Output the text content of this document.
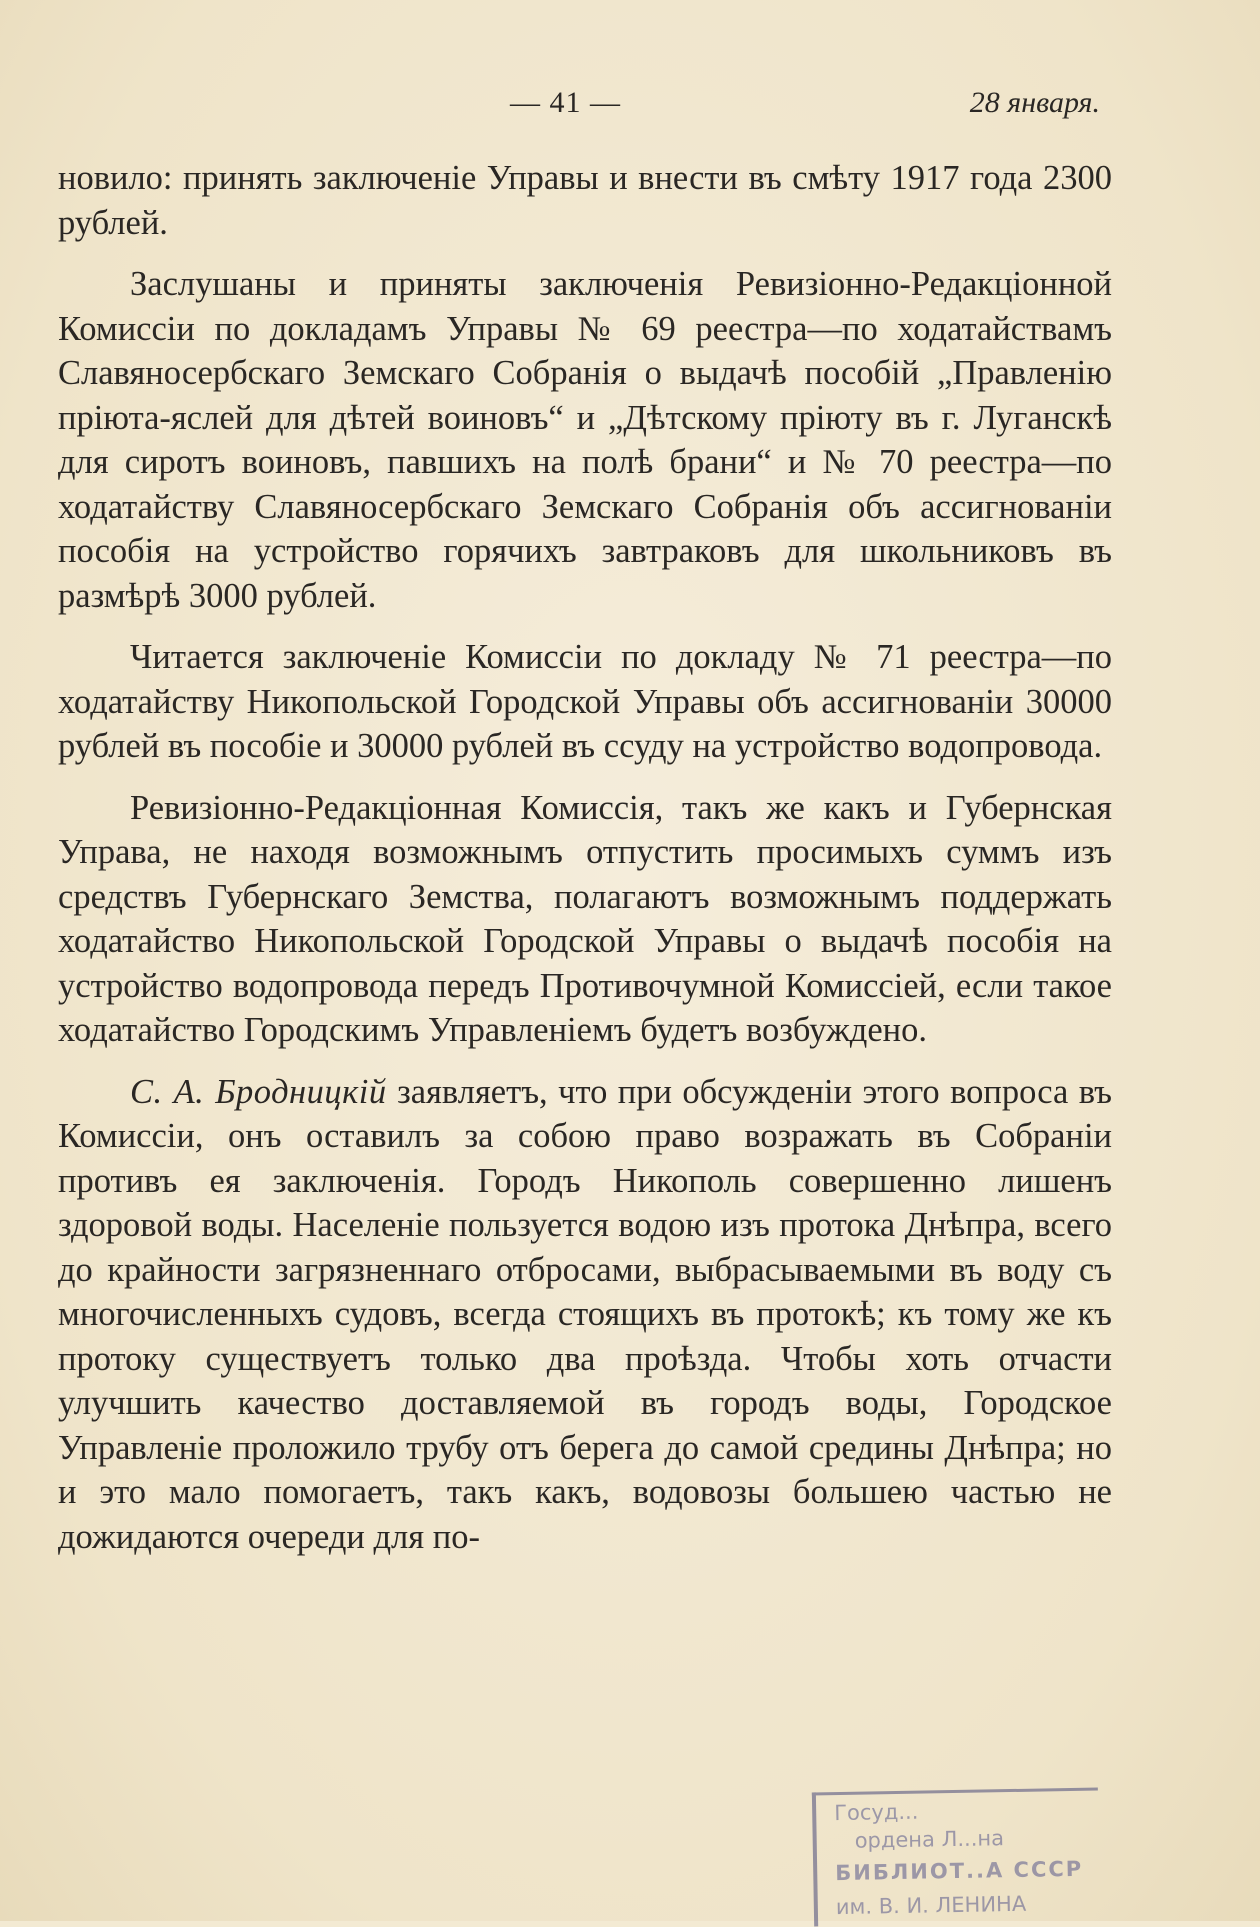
— 41 —	28 января.

новило: принять заключеніе Управы и внести въ смѣту 1917 года 2300 рублей.

Заслушаны и приняты заключенія Ревизіонно-Редакціонной Комиссіи по докладамъ Управы № 69 реестра—по ходатайствамъ Славяносербскаго Земскаго Собранія о выдачѣ пособій „Правленію пріюта-яслей для дѣтей воиновъ“ и „Дѣтскому пріюту въ г. Луганскѣ для сиротъ воиновъ, павшихъ на полѣ брани“ и № 70 реестра—по ходатайству Славяносербскаго Земскаго Собранія объ ассигнованіи пособія на устройство горячихъ завтраковъ для школьниковъ въ размѣрѣ 3000 рублей.

Читается заключеніе Комиссіи по докладу № 71 реестра—по ходатайству Никопольской Городской Управы объ ассигнованіи 30000 рублей въ пособіе и 30000 рублей въ ссуду на устройство водопровода.

Ревизіонно-Редакціонная Комиссія, такъ же какъ и Губернская Управа, не находя возможнымъ отпустить просимыхъ суммъ изъ средствъ Губернскаго Земства, полагаютъ возможнымъ поддержать ходатайство Никопольской Городской Управы о выдачѣ пособія на устройство водопровода передъ Противочумной Комиссіей, если такое ходатайство Городскимъ Управленіемъ будетъ возбуждено.

С. А. Бродницкій заявляетъ, что при обсужденіи этого вопроса въ Комиссіи, онъ оставилъ за собою право возражать въ Собраніи противъ ея заключенія. Городъ Никополь совершенно лишенъ здоровой воды. Населеніе пользуется водою изъ протока Днѣпра, всего до крайности загрязненнаго отбросами, выбрасываемыми въ воду съ многочисленныхъ судовъ, всегда стоящихъ въ протокѣ; къ тому же къ протоку существуетъ только два проѣзда. Чтобы хоть отчасти улучшить качество доставляемой въ городъ воды, Городское Управленіе проложило трубу отъ берега до самой средины Днѣпра; но и это мало помогаетъ, такъ какъ, водовозы большею частью не дожидаются очереди для по-

Госуд...
ордена Л...на
БИБЛИОТ..А СССР
им. В. И. ЛЕНИНА
